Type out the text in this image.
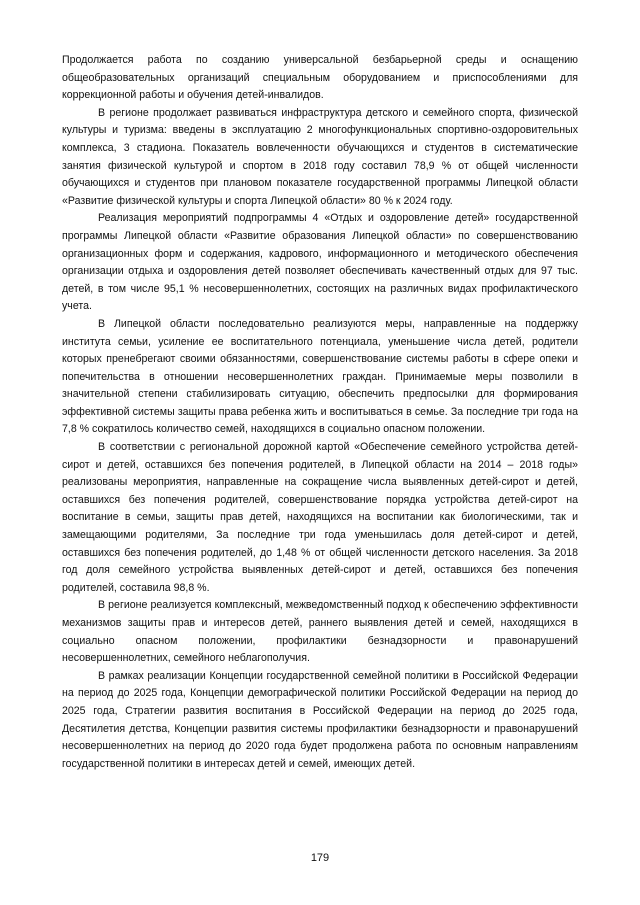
Продолжается работа по созданию универсальной безбарьерной среды и оснащению общеобразовательных организаций специальным оборудованием и приспособлениями для коррекционной работы и обучения детей-инвалидов.

В регионе продолжает развиваться инфраструктура детского и семейного спорта, физической культуры и туризма: введены в эксплуатацию 2 многофункциональных спортивно-оздоровительных комплекса, 3 стадиона. Показатель вовлеченности обучающихся и студентов в систематические занятия физической культурой и спортом в 2018 году составил 78,9 % от общей численности обучающихся и студентов при плановом показателе государственной программы Липецкой области «Развитие физической культуры и спорта Липецкой области» 80 % к 2024 году.

Реализация мероприятий подпрограммы 4 «Отдых и оздоровление детей» государственной программы Липецкой области «Развитие образования Липецкой области» по совершенствованию организационных форм и содержания, кадрового, информационного и методического обеспечения организации отдыха и оздоровления детей позволяет обеспечивать качественный отдых для 97 тыс. детей, в том числе 95,1 % несовершеннолетних, состоящих на различных видах профилактического учета.

В Липецкой области последовательно реализуются меры, направленные на поддержку института семьи, усиление ее воспитательного потенциала, уменьшение числа детей, родители которых пренебрегают своими обязанностями, совершенствование системы работы в сфере опеки и попечительства в отношении несовершеннолетних граждан. Принимаемые меры позволили в значительной степени стабилизировать ситуацию, обеспечить предпосылки для формирования эффективной системы защиты права ребенка жить и воспитываться в семье. За последние три года на 7,8 % сократилось количество семей, находящихся в социально опасном положении.

В соответствии с региональной дорожной картой «Обеспечение семейного устройства детей-сирот и детей, оставшихся без попечения родителей, в Липецкой области на 2014 – 2018 годы» реализованы мероприятия, направленные на сокращение числа выявленных детей-сирот и детей, оставшихся без попечения родителей, совершенствование порядка устройства детей-сирот на воспитание в семьи, защиты прав детей, находящихся на воспитании как биологическими, так и замещающими родителями, За последние три года уменьшилась доля детей-сирот и детей, оставшихся без попечения родителей, до 1,48 % от общей численности детского населения. За 2018 год доля семейного устройства выявленных детей-сирот и детей, оставшихся без попечения родителей, составила 98,8 %.

В регионе реализуется комплексный, межведомственный подход к обеспечению эффективности механизмов защиты прав и интересов детей, раннего выявления детей и семей, находящихся в социально опасном положении, профилактики безнадзорности и правонарушений несовершеннолетних, семейного неблагополучия.

В рамках реализации Концепции государственной семейной политики в Российской Федерации на период до 2025 года, Концепции демографической политики Российской Федерации на период до 2025 года, Стратегии развития воспитания в Российской Федерации на период до 2025 года, Десятилетия детства, Концепции развития системы профилактики безнадзорности и правонарушений несовершеннолетних на период до 2020 года будет продолжена работа по основным направлениям государственной политики в интересах детей и семей, имеющих детей.

179
